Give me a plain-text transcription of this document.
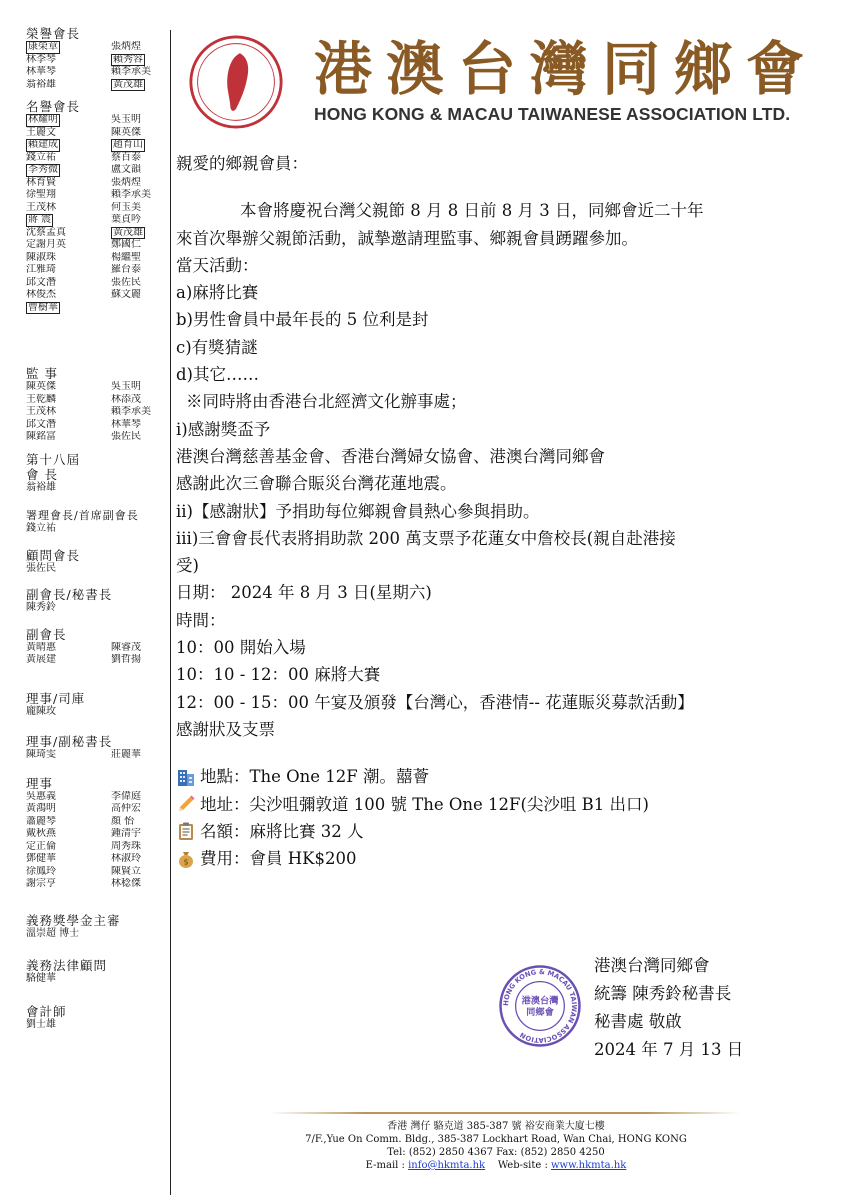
榮譽會長
康榮章	張炳煌
林李琴	賴秀容
林華琴	賴李承美
翁裕雄	黃茂雄
名譽會長
林耀明	吳玉明
王麗文	陳英傑
賴建成	趙育山
錢立祐	蔡百泰
李秀微	盧文韻
林育賢	張炳煌
徐聖翔	賴李承美
王茂林	何玉美
蔣 震	葉貞吟
沈蔡孟真	黃茂雄
定謝月英	鄭國仁
陳淑珠	楊繼聖
江雅琦	羅台泰
邱文潛	張佐民
林俊杰	蘇文麗
曹樹華
監 事
陳英傑	吳玉明
王乾麟	林添茂
王茂林	賴李承美
邱文潛	林華琴
陳銘富	張佐民
第十八屆
會 長
翁裕雄
署理會長/首席副會長
錢立祐
顧問會長
張佐民
副會長/秘書長
陳秀鈴
副會長
黃晴惠	陳睿茂
黃展建	劉哲揚
理事/司庫
龐陳玫
理事/副秘書長
陳琦雯	莊麗華
理事
吳惠義	李偉庭
黃鴻明	高仲宏
蕭麗琴	顏 怡
戴秋燕	鍾清宇
定正倫	周秀珠
鄧健華	林淑玲
徐鳳玲	陳賢立
謝宗亨	林稔傑
義務獎學金主審
溫崇超 博士
義務法律顧問
駱健華
會計師
劉士雄
港澳台灣同鄉會
HONG KONG & MACAU TAIWANESE ASSOCIATION LTD.

親愛的鄉親會員：

本會將慶祝台灣父親節 8 月 8 日前 8 月 3 日，同鄉會近二十年

來首次舉辦父親節活動，誠摯邀請理監事、鄉親會員踴躍參加。

當天活動：

a)麻將比賽

b)男性會員中最年長的 5 位利是封

c)有獎猜謎

d)其它……

※同時將由香港台北經濟文化辦事處；

i)感謝獎盃予

港澳台灣慈善基金會、香港台灣婦女協會、港澳台灣同鄉會

感謝此次三會聯合賑災台灣花蓮地震。

ii)【感謝狀】予捐助每位鄉親會員熱心參與捐助。

iii)三會會長代表將捐助款 200 萬支票予花蓮女中詹校長(親自赴港接

受)

日期： 2024 年 8 月 3 日(星期六)

時間：

10：00 開始入場

10：10 - 12：00 麻將大賽

12：00 - 15：00 午宴及頒發【台灣心，香港情-- 花蓮賑災募款活動】

感謝狀及支票

地點：The One 12F 潮。囍薈

地址：尖沙咀彌敦道 100 號 The One 12F(尖沙咀 B1 出口)

名額：麻將比賽 32 人

$ 費用：會員 HK$200

HONG KONG & MACAU TAIWAN ASSOCIATION
港澳台灣
同鄉會

港澳台灣同鄉會

統籌 陳秀鈴秘書長

秘書處 敬啟

2024 年 7 月 13 日

香港 灣仔 駱克道 385-387 號 裕安商業大廈七樓

7/F.,Yue On Comm. Bldg., 385-387 Lockhart Road, Wan Chai, HONG KONG

Tel: (852) 2850 4367 Fax: (852) 2850 4250

E-mail : info@hkmta.hk Web-site : www.hkmta.hk
